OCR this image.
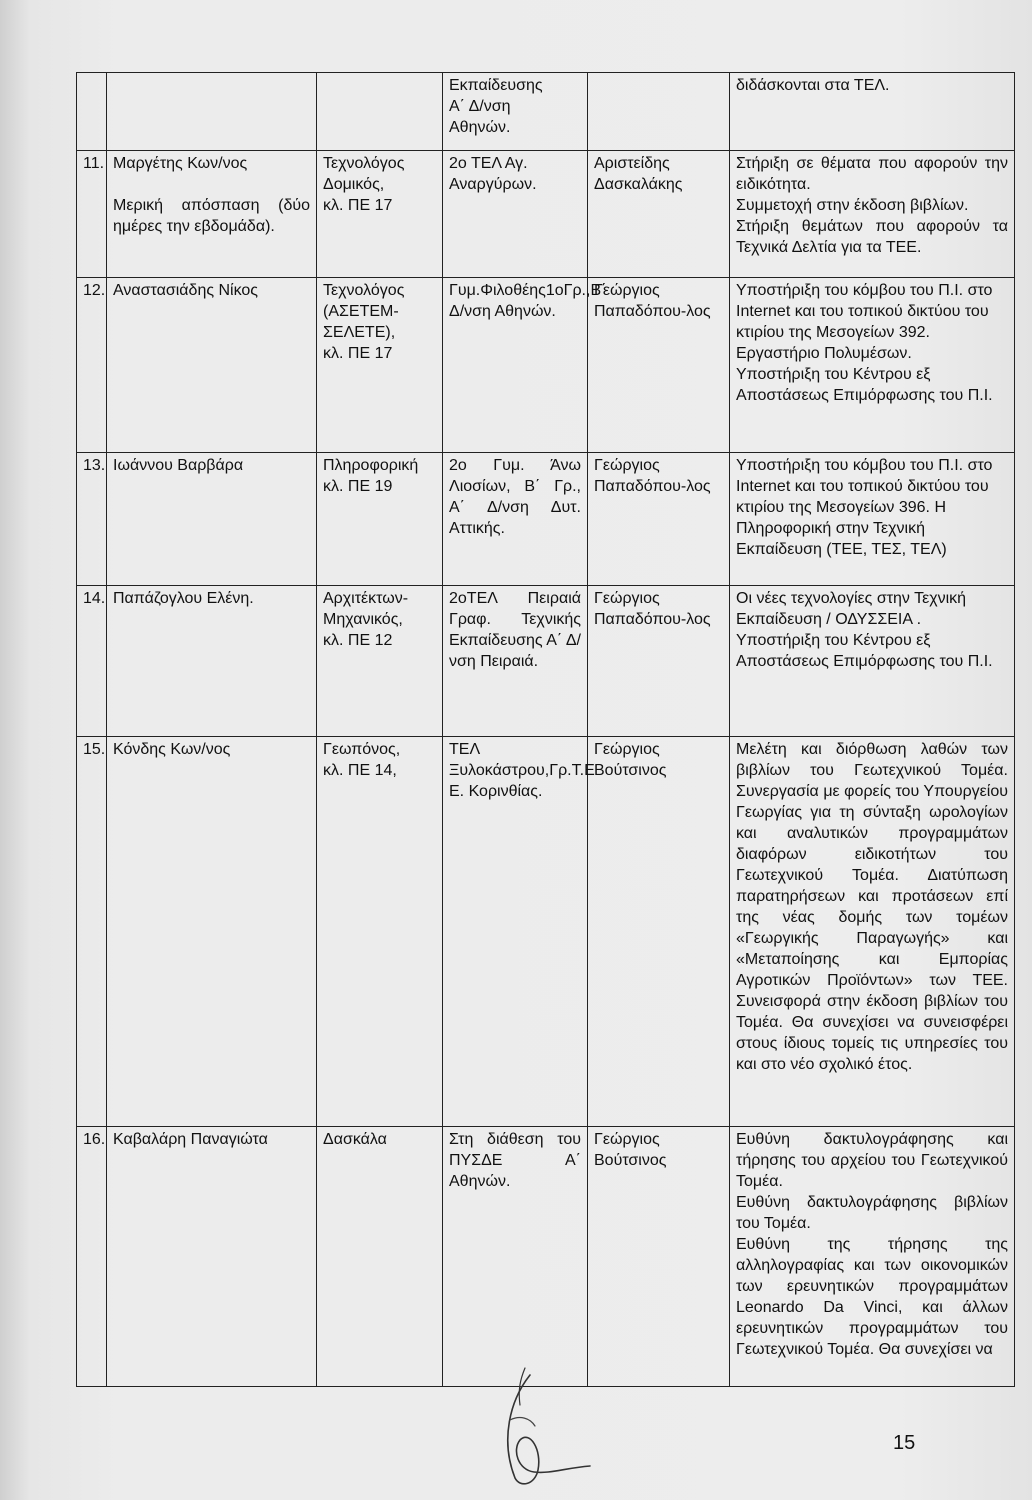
			Εκπαίδευσης
Α΄ Δ/νση
Αθηνών.		διδάσκονται στα ΤΕΛ.
11.	Μαργέτης Κων/νος

Μερική απόσπαση (δύο ημέρες την εβδομάδα).	Τεχνολόγος Δομικός,
κλ. ΠΕ 17	2ο ΤΕΛ Αγ. Αναργύρων.	Αριστείδης Δασκαλάκης	Στήριξη σε θέματα που αφορούν την ειδικότητα.
Συμμετοχή στην έκδοση βιβλίων.
Στήριξη θεμάτων που αφορούν τα Τεχνικά Δελτία για τα ΤΕΕ.
12.	Αναστασιάδης Νίκος	Τεχνολόγος (ΑΣΕΤΕΜ-ΣΕΛΕΤΕ),
κλ. ΠΕ 17	Γυμ.Φιλοθέης1οΓρ.,Β΄ Δ/νση Αθηνών.	Γεώργιος Παπαδόπου-λος	Υποστήριξη του κόμβου του Π.Ι. στο Internet και του τοπικού δικτύου του κτιρίου της Μεσογείων 392. Εργαστήριο Πολυμέσων.
Υποστήριξη του Κέντρου εξ Αποστάσεως Επιμόρφωσης του Π.Ι.
13.	Ιωάννου Βαρβάρα	Πληροφορική κλ. ΠΕ 19	2ο Γυμ. Άνω Λιοσίων, Β΄ Γρ., Α΄ Δ/νση Δυτ. Αττικής.	Γεώργιος Παπαδόπου-λος	Υποστήριξη του κόμβου του Π.Ι. στο Internet και του τοπικού δικτύου του κτιρίου της Μεσογείων 396. Η Πληροφορική στην Τεχνική Εκπαίδευση (ΤΕΕ, ΤΕΣ, ΤΕΛ)
14.	Παπάζογλου Ελένη.	Αρχιτέκτων-Μηχανικός,
κλ. ΠΕ 12	2οΤΕΛ Πειραιά Γραφ. Τεχνικής Εκπαίδευσης Α΄ Δ/νση Πειραιά.	Γεώργιος Παπαδόπου-λος	Οι νέες τεχνολογίες στην Τεχνική Εκπαίδευση / ΟΔΥΣΣΕΙΑ . Υποστήριξη του Κέντρου εξ Αποστάσεως Επιμόρφωσης του Π.Ι.
15.	Κόνδης Κων/νος	Γεωπόνος,
κλ. ΠΕ 14,	ΤΕΛ Ξυλοκάστρου,Γρ.Τ.Ε Ε. Κορινθίας.	Γεώργιος Βούτσινος	Μελέτη και διόρθωση λαθών των βιβλίων του Γεωτεχνικού Τομέα. Συνεργασία με φορείς του Υπουργείου Γεωργίας για τη σύνταξη ωρολογίων και αναλυτικών προγραμμάτων διαφόρων ειδικοτήτων του Γεωτεχνικού Τομέα. Διατύπωση παρατηρήσεων και προτάσεων επί της νέας δομής των τομέων «Γεωργικής Παραγωγής» και «Μεταποίησης και Εμπορίας Αγροτικών Προϊόντων» των ΤΕΕ. Συνεισφορά στην έκδοση βιβλίων του Τομέα. Θα συνεχίσει να συνεισφέρει στους ίδιους τομείς τις υπηρεσίες του και στο νέο σχολικό έτος.
16.	Καβαλάρη Παναγιώτα	Δασκάλα	Στη διάθεση του ΠΥΣΔΕ Α΄ Αθηνών.	Γεώργιος Βούτσινος	Ευθύνη δακτυλογράφησης και τήρησης του αρχείου του Γεωτεχνικού Τομέα.
Ευθύνη δακτυλογράφησης βιβλίων του Τομέα.
Ευθύνη της τήρησης της αλληλογραφίας και των οικονομικών των ερευνητικών προγραμμάτων Leonardo Da Vinci, και άλλων ερευνητικών προγραμμάτων του Γεωτεχνικού Τομέα. Θα συνεχίσει να
15
